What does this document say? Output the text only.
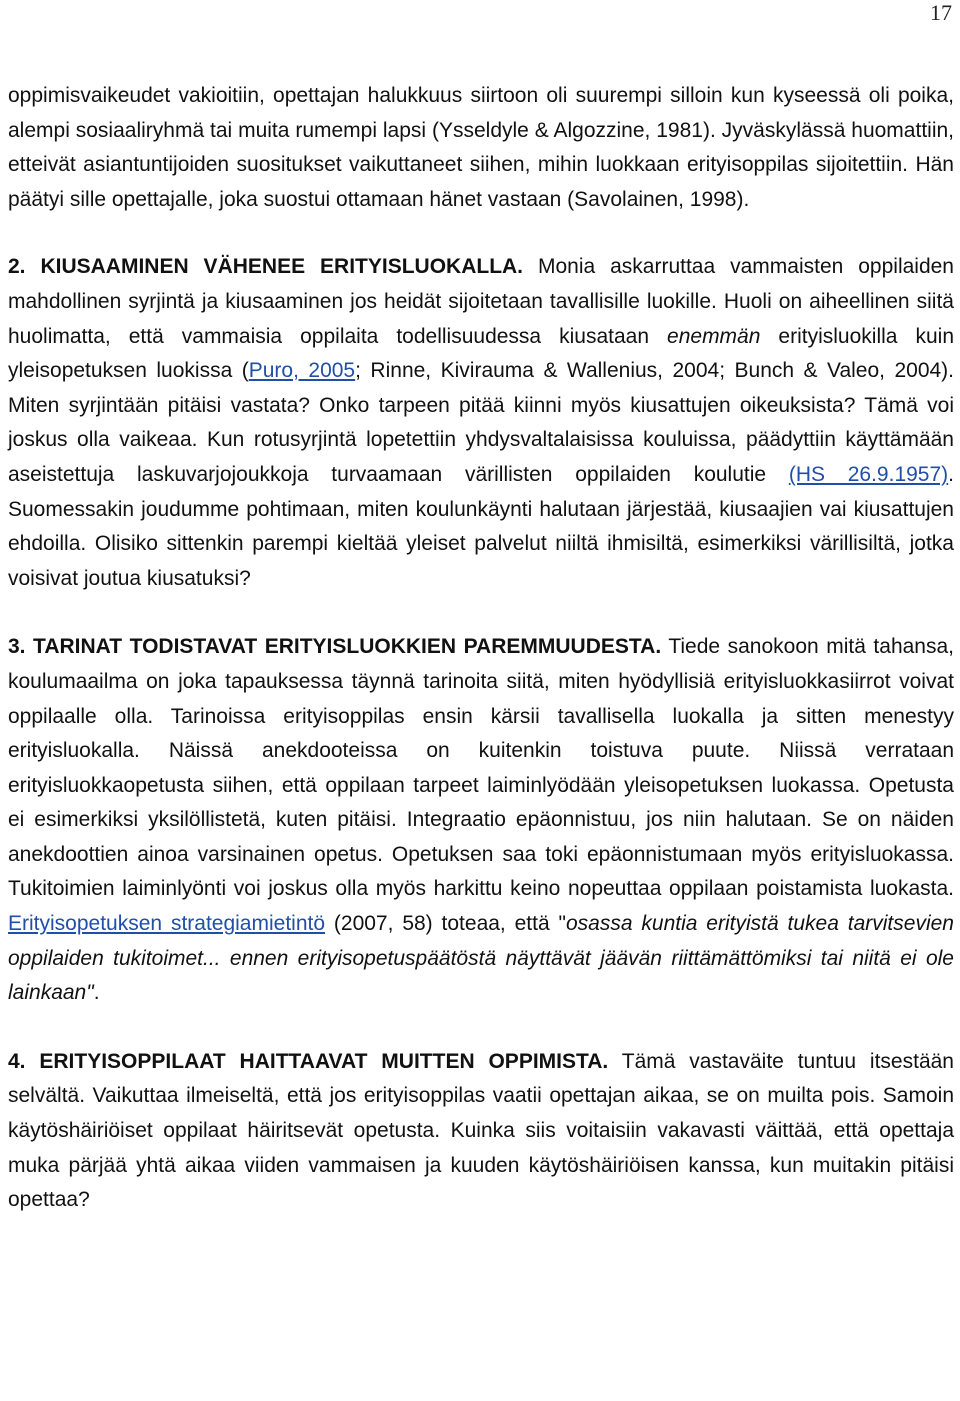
17

oppimisvaikeudet vakioitiin, opettajan halukkuus siirtoon oli suurempi silloin kun kyseessä oli poika, alempi sosiaaliryhmä tai muita rumempi lapsi (Ysseldyle & Algozzine, 1981). Jyväskylässä huomattiin, etteivät asiantuntijoiden suositukset vaikuttaneet siihen, mihin luokkaan erityisoppilas sijoitettiin. Hän päätyi sille opettajalle, joka suostui ottamaan hänet vastaan (Savolainen, 1998).

2. KIUSAAMINEN VÄHENEE ERITYISLUOKALLA. Monia askarruttaa vammaisten oppilaiden mahdollinen syrjintä ja kiusaaminen jos heidät sijoitetaan tavallisille luokille. Huoli on aiheellinen siitä huolimatta, että vammaisia oppilaita todellisuudessa kiusataan enemmän erityisluokilla kuin yleisopetuksen luokissa (Puro, 2005; Rinne, Kivirauma & Wallenius, 2004; Bunch & Valeo, 2004). Miten syrjintään pitäisi vastata? Onko tarpeen pitää kiinni myös kiusattujen oikeuksista? Tämä voi joskus olla vaikeaa. Kun rotusyrjintä lopetettiin yhdysvaltalaisissa kouluissa, päädyttiin käyttämään aseistettuja laskuvarjojoukkoja turvaamaan värillisten oppilaiden koulutie (HS 26.9.1957). Suomessakin joudumme pohtimaan, miten koulunkäynti halutaan järjestää, kiusaajien vai kiusattujen ehdoilla. Olisiko sittenkin parempi kieltää yleiset palvelut niiltä ihmisiltä, esimerkiksi värillisiltä, jotka voisivat joutua kiusatuksi?

3. TARINAT TODISTAVAT ERITYISLUOKKIEN PAREMMUUDESTA. Tiede sanokoon mitä tahansa, koulumaailma on joka tapauksessa täynnä tarinoita siitä, miten hyödyllisiä erityisluokkasiirrot voivat oppilaalle olla. Tarinoissa erityisoppilas ensin kärsii tavallisella luokalla ja sitten menestyy erityisluokalla. Näissä anekdooteissa on kuitenkin toistuva puute. Niissä verrataan erityisluokkaopetusta siihen, että oppilaan tarpeet laiminlyödään yleisopetuksen luokassa. Opetusta ei esimerkiksi yksilöllistetä, kuten pitäisi. Integraatio epäonnistuu, jos niin halutaan. Se on näiden anekdoottien ainoa varsinainen opetus. Opetuksen saa toki epäonnistumaan myös erityisluokassa. Tukitoimien laiminlyönti voi joskus olla myös harkittu keino nopeuttaa oppilaan poistamista luokasta. Erityisopetuksen strategiamietintö (2007, 58) toteaa, että "osassa kuntia erityistä tukea tarvitsevien oppilaiden tukitoimet... ennen erityisopetuspäätöstä näyttävät jäävän riittämättömiksi tai niitä ei ole lainkaan".

4. ERITYISOPPILAAT HAITTAAVAT MUITTEN OPPIMISTA. Tämä vastaväite tuntuu itsestään selvältä. Vaikuttaa ilmeiseltä, että jos erityisoppilas vaatii opettajan aikaa, se on muilta pois. Samoin käytöshäiriöiset oppilaat häiritsevät opetusta. Kuinka siis voitaisiin vakavasti väittää, että opettaja muka pärjää yhtä aikaa viiden vammaisen ja kuuden käytöshäiriöisen kanssa, kun muitakin pitäisi opettaa?
